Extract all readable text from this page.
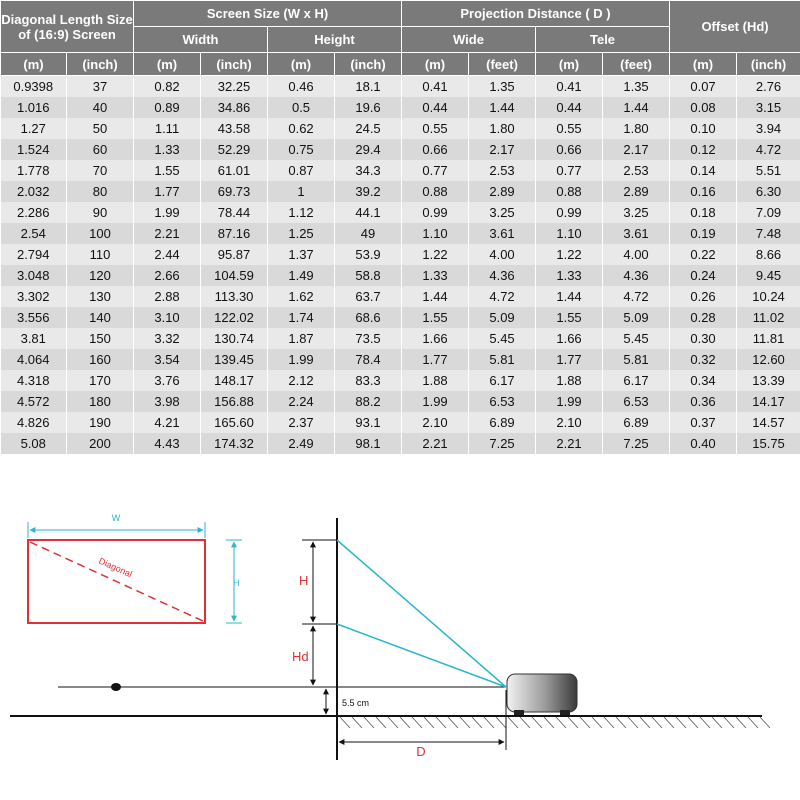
Diagonal Length Size of (16:9) Screen		Screen Size (W x H)				Projection Distance ( D )				Offset (Hd)	
		Width		Height		Wide		Tele			
(m)	(inch)	(m)	(inch)	(m)	(inch)	(m)	(feet)	(m)	(feet)	(m)	(inch)
0.9398	37	0.82	32.25	0.46	18.1	0.41	1.35	0.41	1.35	0.07	2.76
1.016	40	0.89	34.86	0.5	19.6	0.44	1.44	0.44	1.44	0.08	3.15
1.27	50	1.11	43.58	0.62	24.5	0.55	1.80	0.55	1.80	0.10	3.94
1.524	60	1.33	52.29	0.75	29.4	0.66	2.17	0.66	2.17	0.12	4.72
1.778	70	1.55	61.01	0.87	34.3	0.77	2.53	0.77	2.53	0.14	5.51
2.032	80	1.77	69.73	1	39.2	0.88	2.89	0.88	2.89	0.16	6.30
2.286	90	1.99	78.44	1.12	44.1	0.99	3.25	0.99	3.25	0.18	7.09
2.54	100	2.21	87.16	1.25	49	1.10	3.61	1.10	3.61	0.19	7.48
2.794	110	2.44	95.87	1.37	53.9	1.22	4.00	1.22	4.00	0.22	8.66
3.048	120	2.66	104.59	1.49	58.8	1.33	4.36	1.33	4.36	0.24	9.45
3.302	130	2.88	113.30	1.62	63.7	1.44	4.72	1.44	4.72	0.26	10.24
3.556	140	3.10	122.02	1.74	68.6	1.55	5.09	1.55	5.09	0.28	11.02
3.81	150	3.32	130.74	1.87	73.5	1.66	5.45	1.66	5.45	0.30	11.81
4.064	160	3.54	139.45	1.99	78.4	1.77	5.81	1.77	5.81	0.32	12.60
4.318	170	3.76	148.17	2.12	83.3	1.88	6.17	1.88	6.17	0.34	13.39
4.572	180	3.98	156.88	2.24	88.2	1.99	6.53	1.99	6.53	0.36	14.17
4.826	190	4.21	165.60	2.37	93.1	2.10	6.89	2.10	6.89	0.37	14.57
5.08	200	4.43	174.32	2.49	98.1	2.21	7.25	2.21	7.25	0.40	15.75
W
Diagonal
H	H
Hd
5.5 cm
D
